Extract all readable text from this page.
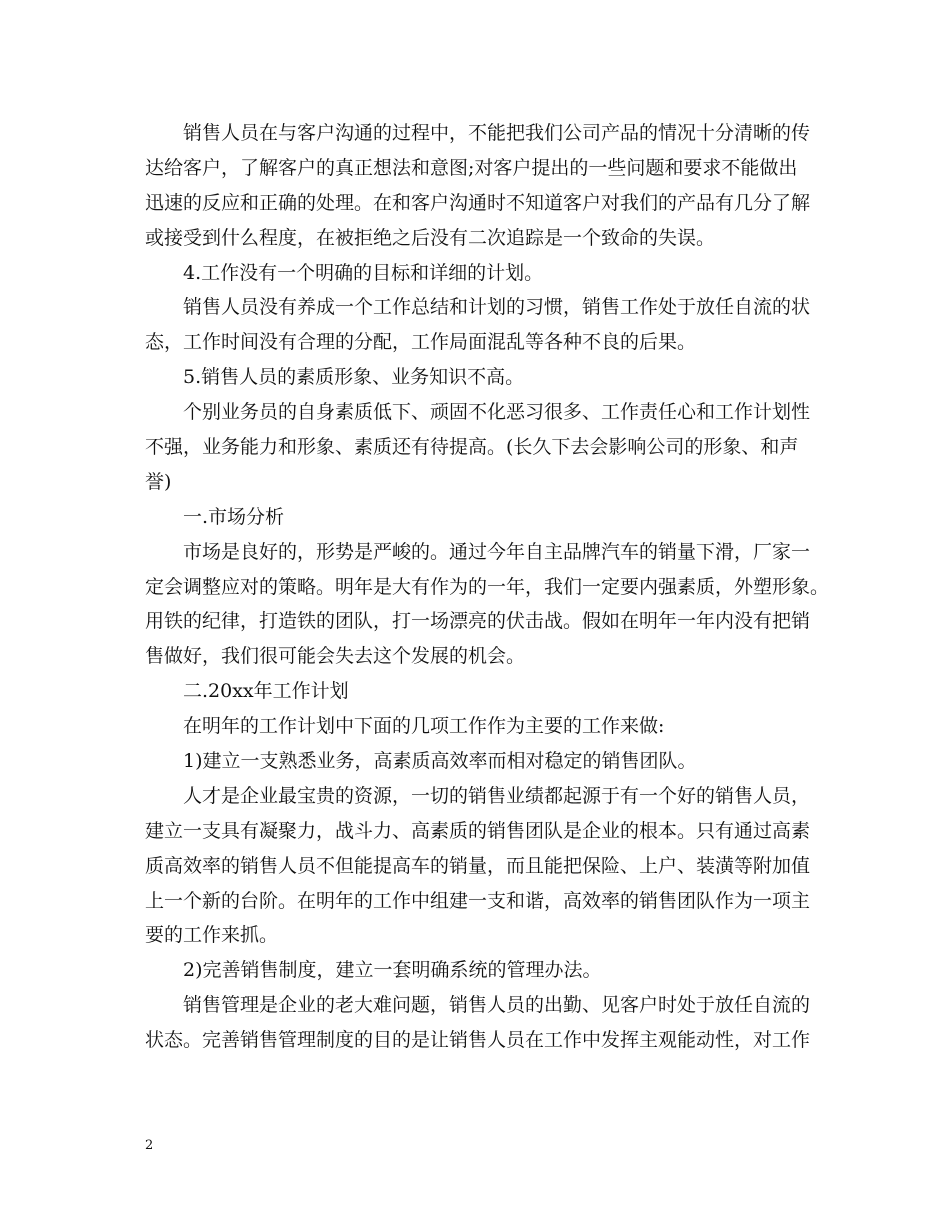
销售人员在与客户沟通的过程中，不能把我们公司产品的情况十分清晰的传
达给客户，了解客户的真正想法和意图;对客户提出的一些问题和要求不能做出
迅速的反应和正确的处理。在和客户沟通时不知道客户对我们的产品有几分了解
或接受到什么程度，在被拒绝之后没有二次追踪是一个致命的失误。
4.工作没有一个明确的目标和详细的计划。
销售人员没有养成一个工作总结和计划的习惯，销售工作处于放任自流的状
态，工作时间没有合理的分配，工作局面混乱等各种不良的后果。
5.销售人员的素质形象、业务知识不高。
个别业务员的自身素质低下、顽固不化恶习很多、工作责任心和工作计划性
不强，业务能力和形象、素质还有待提高。(长久下去会影响公司的形象、和声
誉)
一.市场分析
市场是良好的，形势是严峻的。通过今年自主品牌汽车的销量下滑，厂家一
定会调整应对的策略。明年是大有作为的一年，我们一定要内强素质，外塑形象。
用铁的纪律，打造铁的团队，打一场漂亮的伏击战。假如在明年一年内没有把销
售做好，我们很可能会失去这个发展的机会。
二.20xx年工作计划
在明年的工作计划中下面的几项工作作为主要的工作来做:
1)建立一支熟悉业务，高素质高效率而相对稳定的销售团队。
人才是企业最宝贵的资源，一切的销售业绩都起源于有一个好的销售人员，
建立一支具有凝聚力，战斗力、高素质的销售团队是企业的根本。只有通过高素
质高效率的销售人员不但能提高车的销量，而且能把保险、上户、装潢等附加值
上一个新的台阶。在明年的工作中组建一支和谐，高效率的销售团队作为一项主
要的工作来抓。
2)完善销售制度，建立一套明确系统的管理办法。
销售管理是企业的老大难问题，销售人员的出勤、见客户时处于放任自流的
状态。完善销售管理制度的目的是让销售人员在工作中发挥主观能动性，对工作
2
